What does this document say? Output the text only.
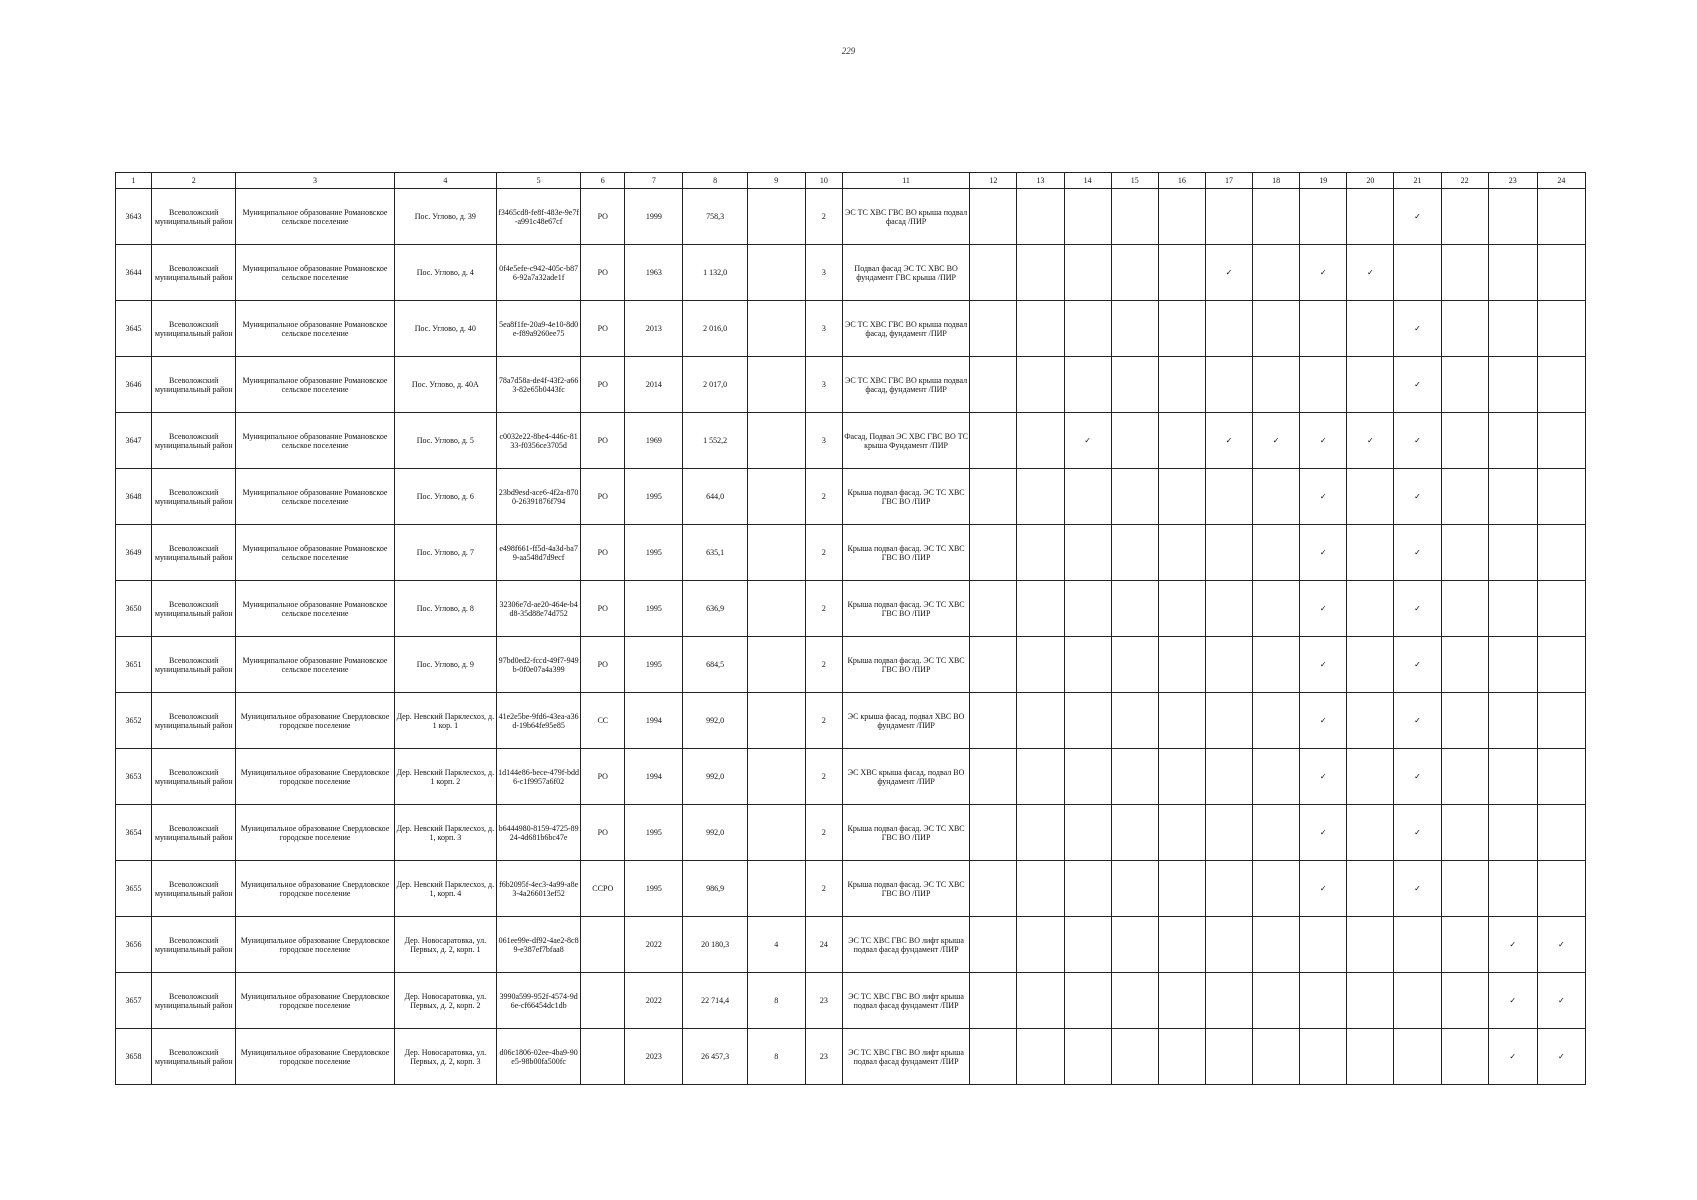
229
1	2	3	4	5	6	7	8	9	10	11	12	13	14	15	16	17	18	19	20	21	22	23	24
3643	Всеволожский муниципальный район	Муниципальное образование Романовское сельское поселение	Пос. Углово, д. 39	f3465cd8-fe8f-483e-9e7f-a991c48e67cf	РО	1999	758,3		2	ЭС ТС ХВС ГВС ВО крыша подвал фасад /ПИР										✓			
3644	Всеволожский муниципальный район	Муниципальное образование Романовское сельское поселение	Пос. Углово, д. 4	0f4e5efe-c942-405c-b876-92a7a32ade1f	РО	1963	1 132,0		3	Подвал фасад ЭС ТС ХВС ВО фундамент ГВС крыша /ПИР						✓		✓	✓				
3645	Всеволожский муниципальный район	Муниципальное образование Романовское сельское поселение	Пос. Углово, д. 40	5ea8f1fe-20a9-4e10-8d0e-f89a9260ee75	РО	2013	2 016,0		3	ЭС ТС ХВС ГВС ВО крыша подвал фасад, фундамент /ПИР										✓			
3646	Всеволожский муниципальный район	Муниципальное образование Романовское сельское поселение	Пос. Углово, д. 40А	78a7d58a-de4f-43f2-a663-82e65b0443fc	РО	2014	2 017,0		3	ЭС ТС ХВС ГВС ВО крыша подвал фасад, фундамент /ПИР										✓			
3647	Всеволожский муниципальный район	Муниципальное образование Романовское сельское поселение	Пос. Углово, д. 5	c0032e22-8be4-446c-8133-f0356ce3705d	РО	1969	1 552,2		3	Фасад, Подвал ЭС ХВС ГВС ВО ТС крыша Фундамент /ПИР			✓			✓	✓	✓	✓	✓			
3648	Всеволожский муниципальный район	Муниципальное образование Романовское сельское поселение	Пос. Углово, д. 6	23bd9esd-ace6-4f2a-8700-26391876f794	РО	1995	644,0		2	Крыша подвал фасад. ЭС ТС ХВС ГВС ВО /ПИР								✓		✓			
3649	Всеволожский муниципальный район	Муниципальное образование Романовское сельское поселение	Пос. Углово, д. 7	e498f661-ff5d-4a3d-ba79-aa548d7d9ecf	РО	1995	635,1		2	Крыша подвал фасад. ЭС ТС ХВС ГВС ВО /ПИР								✓		✓			
3650	Всеволожский муниципальный район	Муниципальное образование Романовское сельское поселение	Пос. Углово, д. 8	32306e7d-ae20-464e-b4d8-35d88e74d752	РО	1995	636,9		2	Крыша подвал фасад. ЭС ТС ХВС ГВС ВО /ПИР								✓		✓			
3651	Всеволожский муниципальный район	Муниципальное образование Романовское сельское поселение	Пос. Углово, д. 9	97bd0ed2-fccd-49f7-949b-0f0e07a4a399	РО	1995	684,5		2	Крыша подвал фасад. ЭС ТС ХВС ГВС ВО /ПИР								✓		✓			
3652	Всеволожский муниципальный район	Муниципальное образование Свердловское городское поселение	Дер. Невский Парклесхоз, д. 1 кор. 1	41e2e5be-9fd6-43ea-a36d-19b64fe95e85	СС	1994	992,0		2	ЭС крыша фасад, подвал ХВС ВО фундамент /ПИР								✓		✓			
3653	Всеволожский муниципальный район	Муниципальное образование Свердловское городское поселение	Дер. Невский Парклесхоз, д. 1 корп. 2	1d144e86-bece-479f-bdd6-c1f9957a6f02	РО	1994	992,0		2	ЭС ХВС крыша фасад, подвал ВО фундамент /ПИР								✓		✓			
3654	Всеволожский муниципальный район	Муниципальное образование Свердловское городское поселение	Дер. Невский Парклесхоз, д. 1, корп. 3	b6444980-8159-4725-8924-4d681b6bc47e	РО	1995	992,0		2	Крыша подвал фасад. ЭС ТС ХВС ГВС ВО /ПИР								✓		✓			
3655	Всеволожский муниципальный район	Муниципальное образование Свердловское городское поселение	Дер. Невский Парклесхоз, д. 1, корп. 4	f6b2095f-4ec3-4a99-a8e3-4a266013ef52	ССРО	1995	986,9		2	Крыша подвал фасад. ЭС ТС ХВС ГВС ВО /ПИР								✓		✓			
3656	Всеволожский муниципальный район	Муниципальное образование Свердловское городское поселение	Дер. Новосаратовка, ул. Первых, д. 2, корп. 1	061ee99e-df92-4ae2-8c89-e387ef7bfaa8		2022	20 180,3	4	24	ЭС ТС ХВС ГВС ВО лифт крыша подвал фасад фундамент /ПИР												✓	✓
3657	Всеволожский муниципальный район	Муниципальное образование Свердловское городское поселение	Дер. Новосаратовка, ул. Первых, д. 2, корп. 2	3990a599-952f-4574-9d6e-cf66454dc1db		2022	22 714,4	8	23	ЭС ТС ХВС ГВС ВО лифт крыша подвал фасад фундамент /ПИР												✓	✓
3658	Всеволожский муниципальный район	Муниципальное образование Свердловское городское поселение	Дер. Новосаратовка, ул. Первых, д. 2, корп. 3	d06c1806-02ee-4ba9-90e5-98b00fa500fc		2023	26 457,3	8	23	ЭС ТС ХВС ГВС ВО лифт крыша подвал фасад фундамент /ПИР												✓	✓
